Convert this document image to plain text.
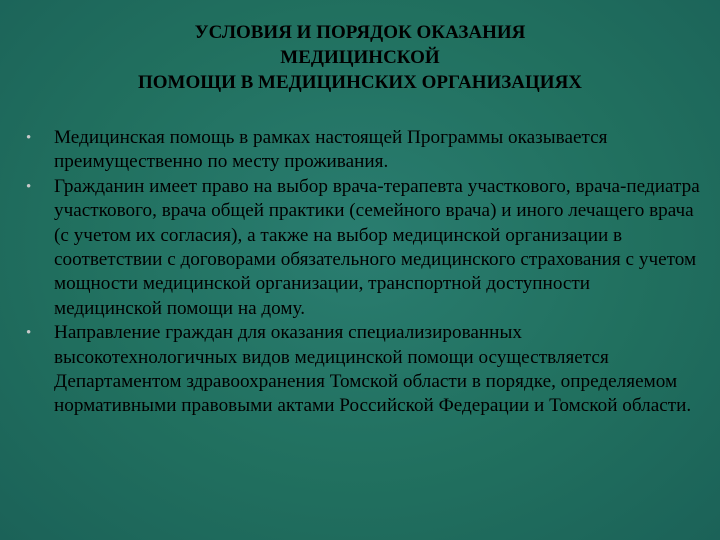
УСЛОВИЯ И ПОРЯДОК ОКАЗАНИЯ
МЕДИЦИНСКОЙ
ПОМОЩИ В МЕДИЦИНСКИХ ОРГАНИЗАЦИЯХ
• Медицинская помощь в рамках настоящей Программы оказывается преимущественно по месту проживания.
• Гражданин имеет право на выбор врача-терапевта участкового, врача-педиатра участкового, врача общей практики (семейного врача) и иного лечащего врача (с учетом их согласия), а также на выбор медицинской организации в соответствии с договорами обязательного медицинского страхования с учетом мощности медицинской организации, транспортной доступности медицинской помощи на дому.
• Направление граждан для оказания специализированных высокотехнологичных видов медицинской помощи осуществляется Департаментом здравоохранения Томской области в порядке, определяемом нормативными правовыми актами Российской Федерации и Томской области.
